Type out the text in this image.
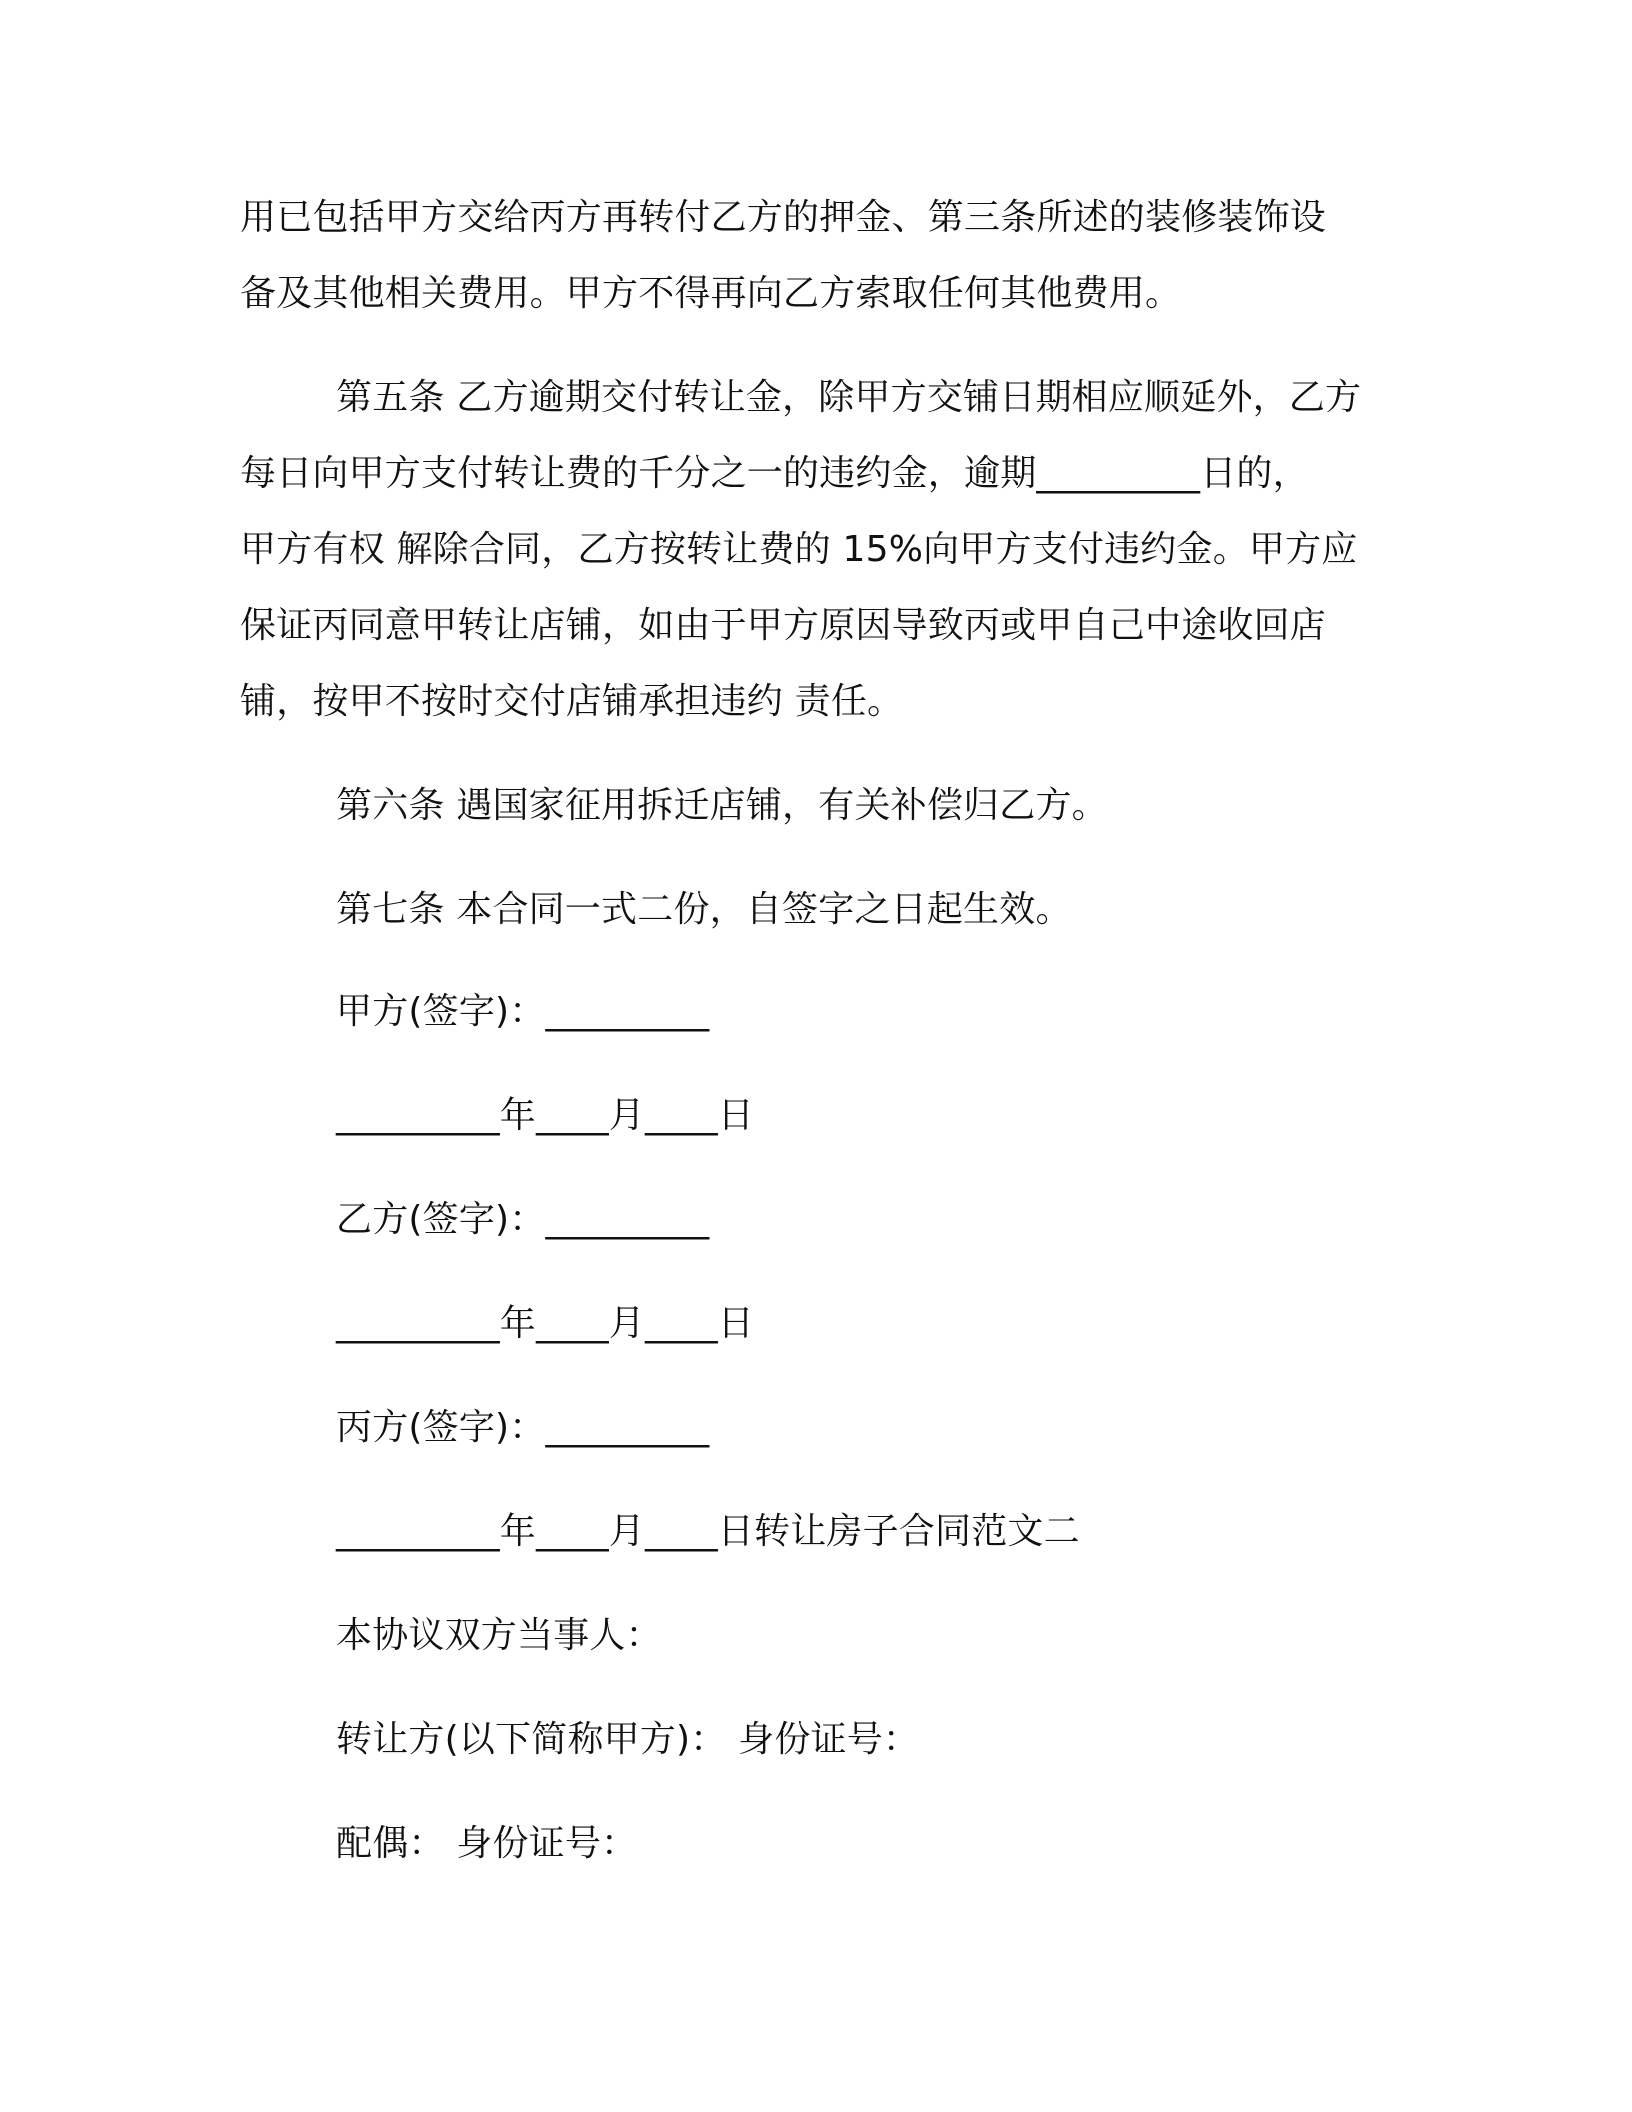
用已包括甲方交给丙方再转付乙方的押金、第三条所述的装修装饰设
备及其他相关费用。甲方不得再向乙方索取任何其他费用。
第五条 乙方逾期交付转让金，除甲方交铺日期相应顺延外，乙方
每日向甲方支付转让费的千分之一的违约金，逾期_________日的，
甲方有权 解除合同，乙方按转让费的 15%向甲方支付违约金。甲方应
保证丙同意甲转让店铺，如由于甲方原因导致丙或甲自己中途收回店
铺，按甲不按时交付店铺承担违约 责任。
第六条 遇国家征用拆迁店铺，有关补偿归乙方。
第七条 本合同一式二份，自签字之日起生效。
甲方(签字)：_________
_________年____月____日
乙方(签字)：_________
_________年____月____日
丙方(签字)：_________
_________年____月____日转让房子合同范文二
本协议双方当事人：
转让方(以下简称甲方)： 身份证号：
配偶： 身份证号：
